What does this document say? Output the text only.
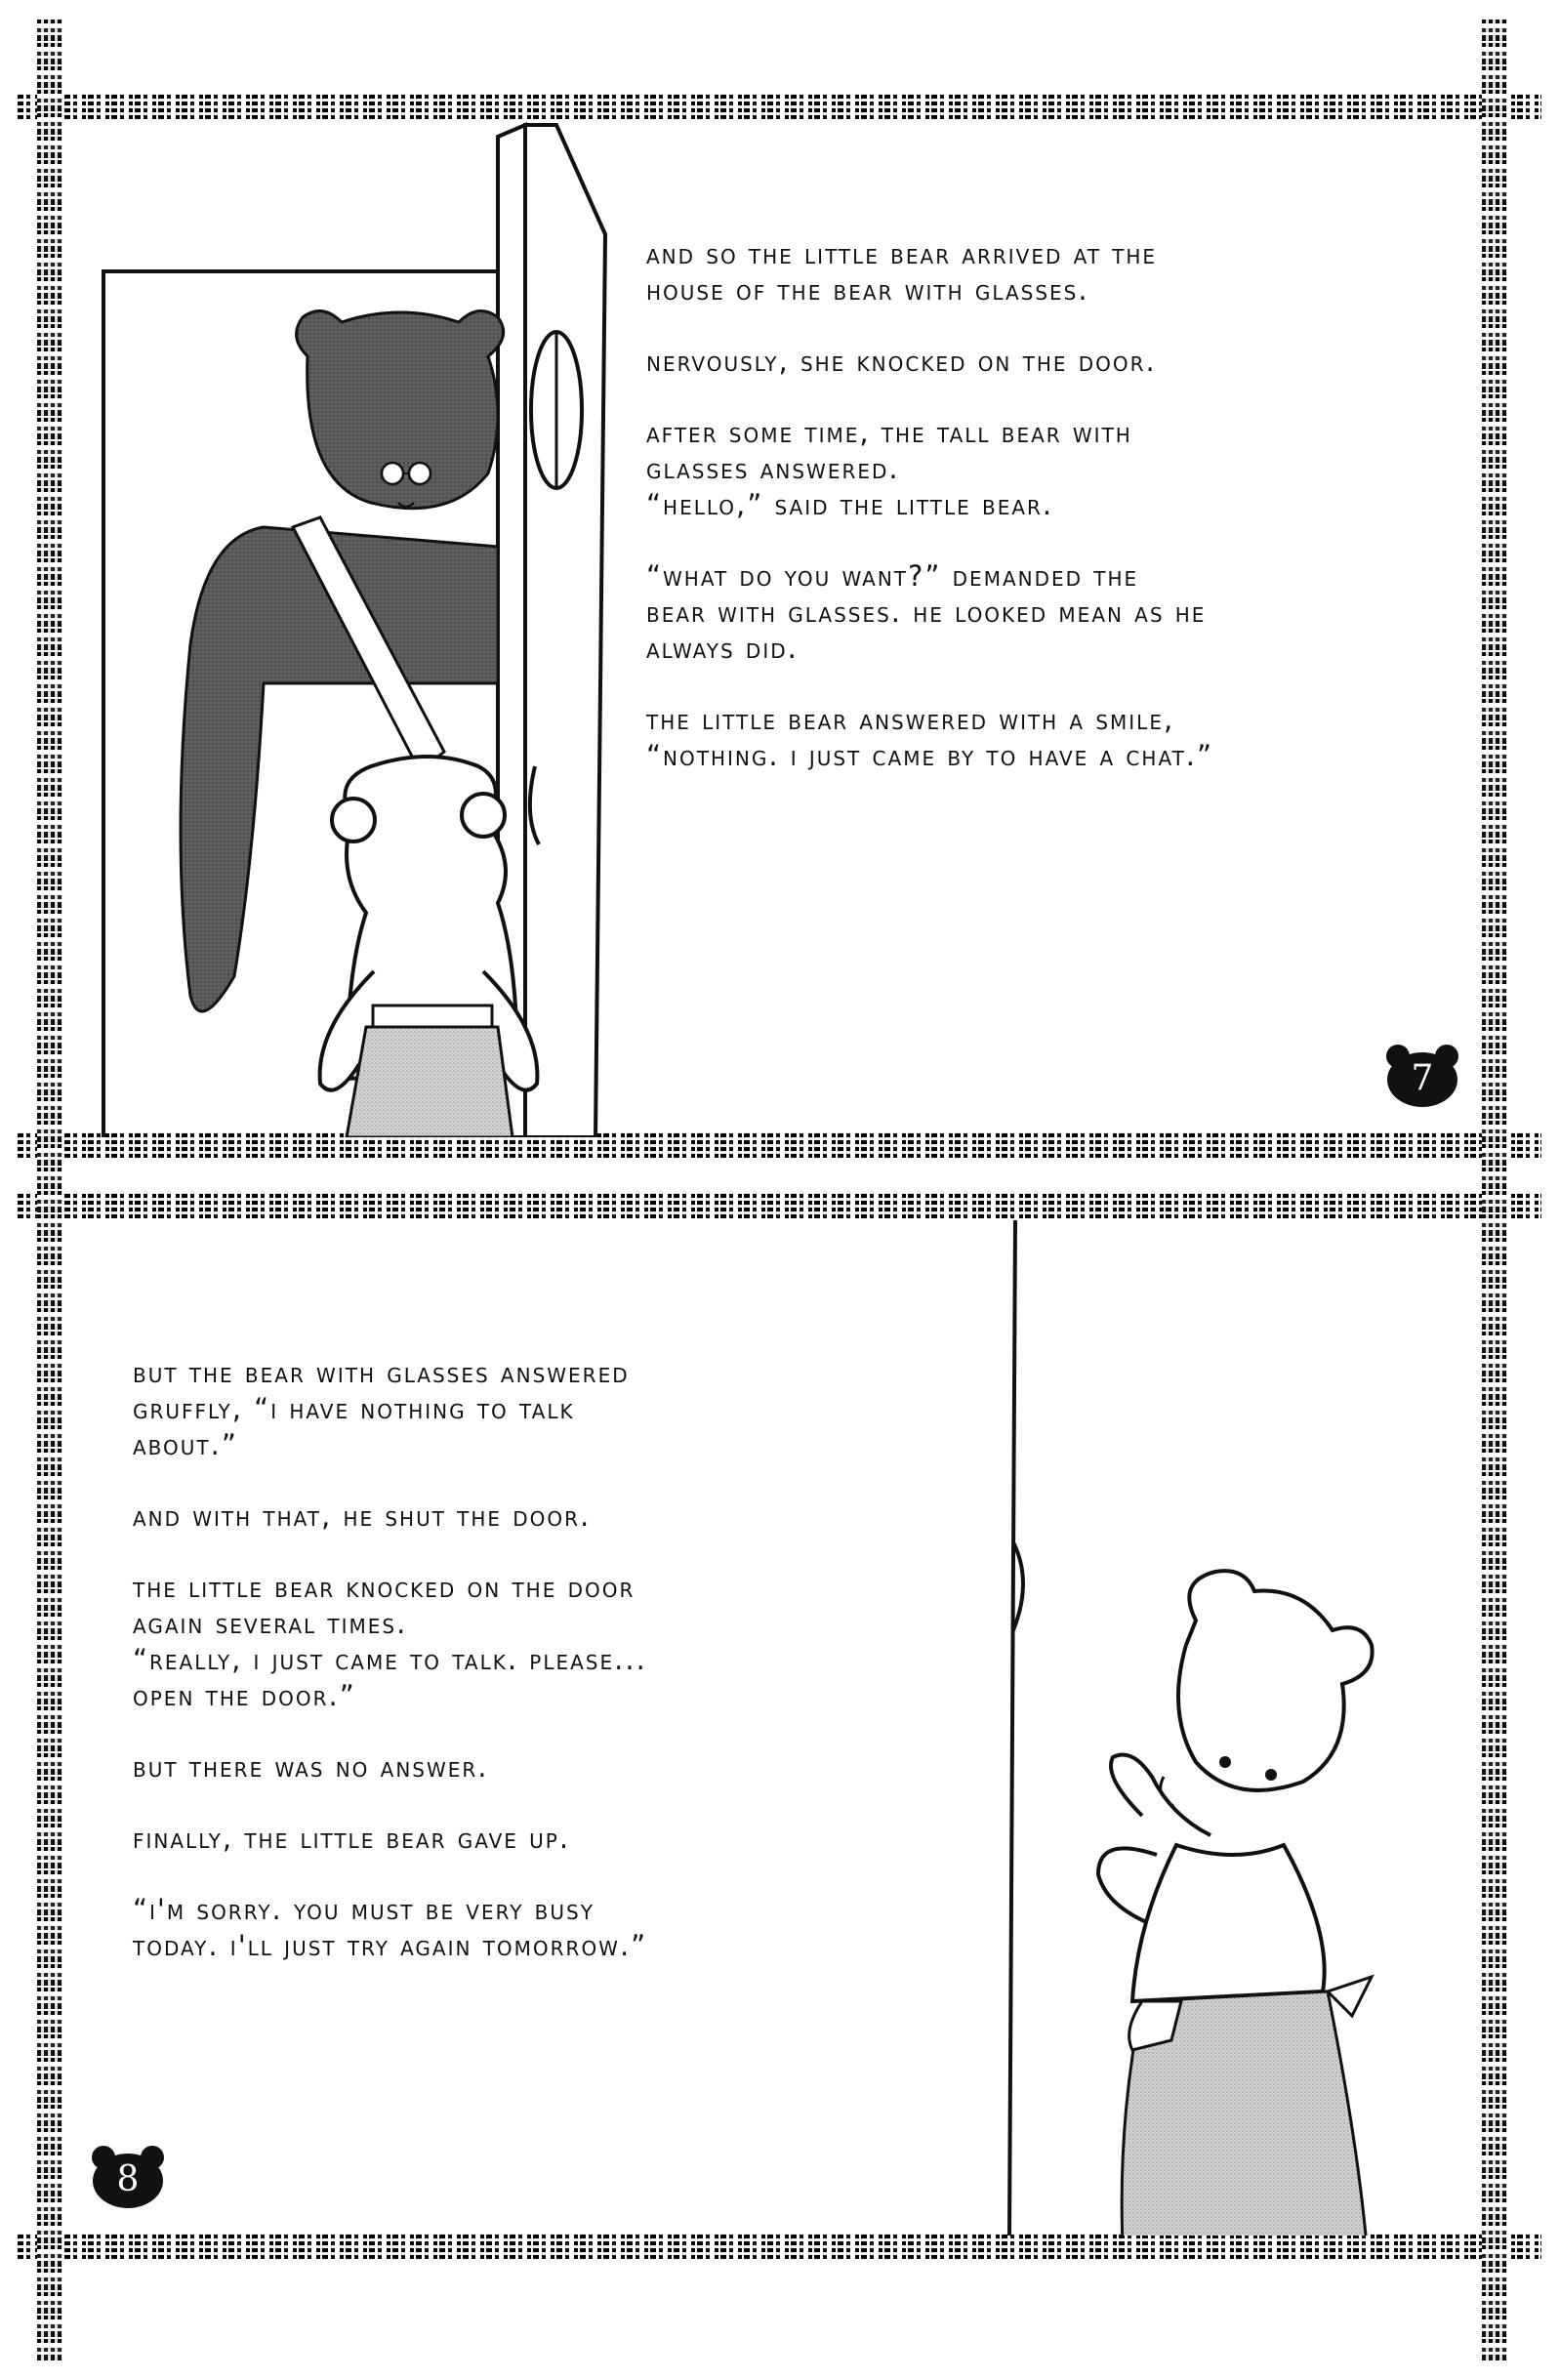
and so the little bear arrived at the
house of the bear with glasses.

nervously, she knocked on the door.

after some time, the tall bear with
glasses answered.
“hello,” said the little bear.

“what do you want?” demanded the
bear with glasses. he looked mean as he
always did.

the little bear answered with a smile,
“nothing. i just came by to have a chat.”

7

but the bear with glasses answered
gruffly, “i have nothing to talk
about.”

and with that, he shut the door.

the little bear knocked on the door
again several times.
“really, i just came to talk. please...
open the door.”

but there was no answer.

finally, the little bear gave up.

“i'm sorry. you must be very busy
today. i'll just try again tomorrow.”

8
